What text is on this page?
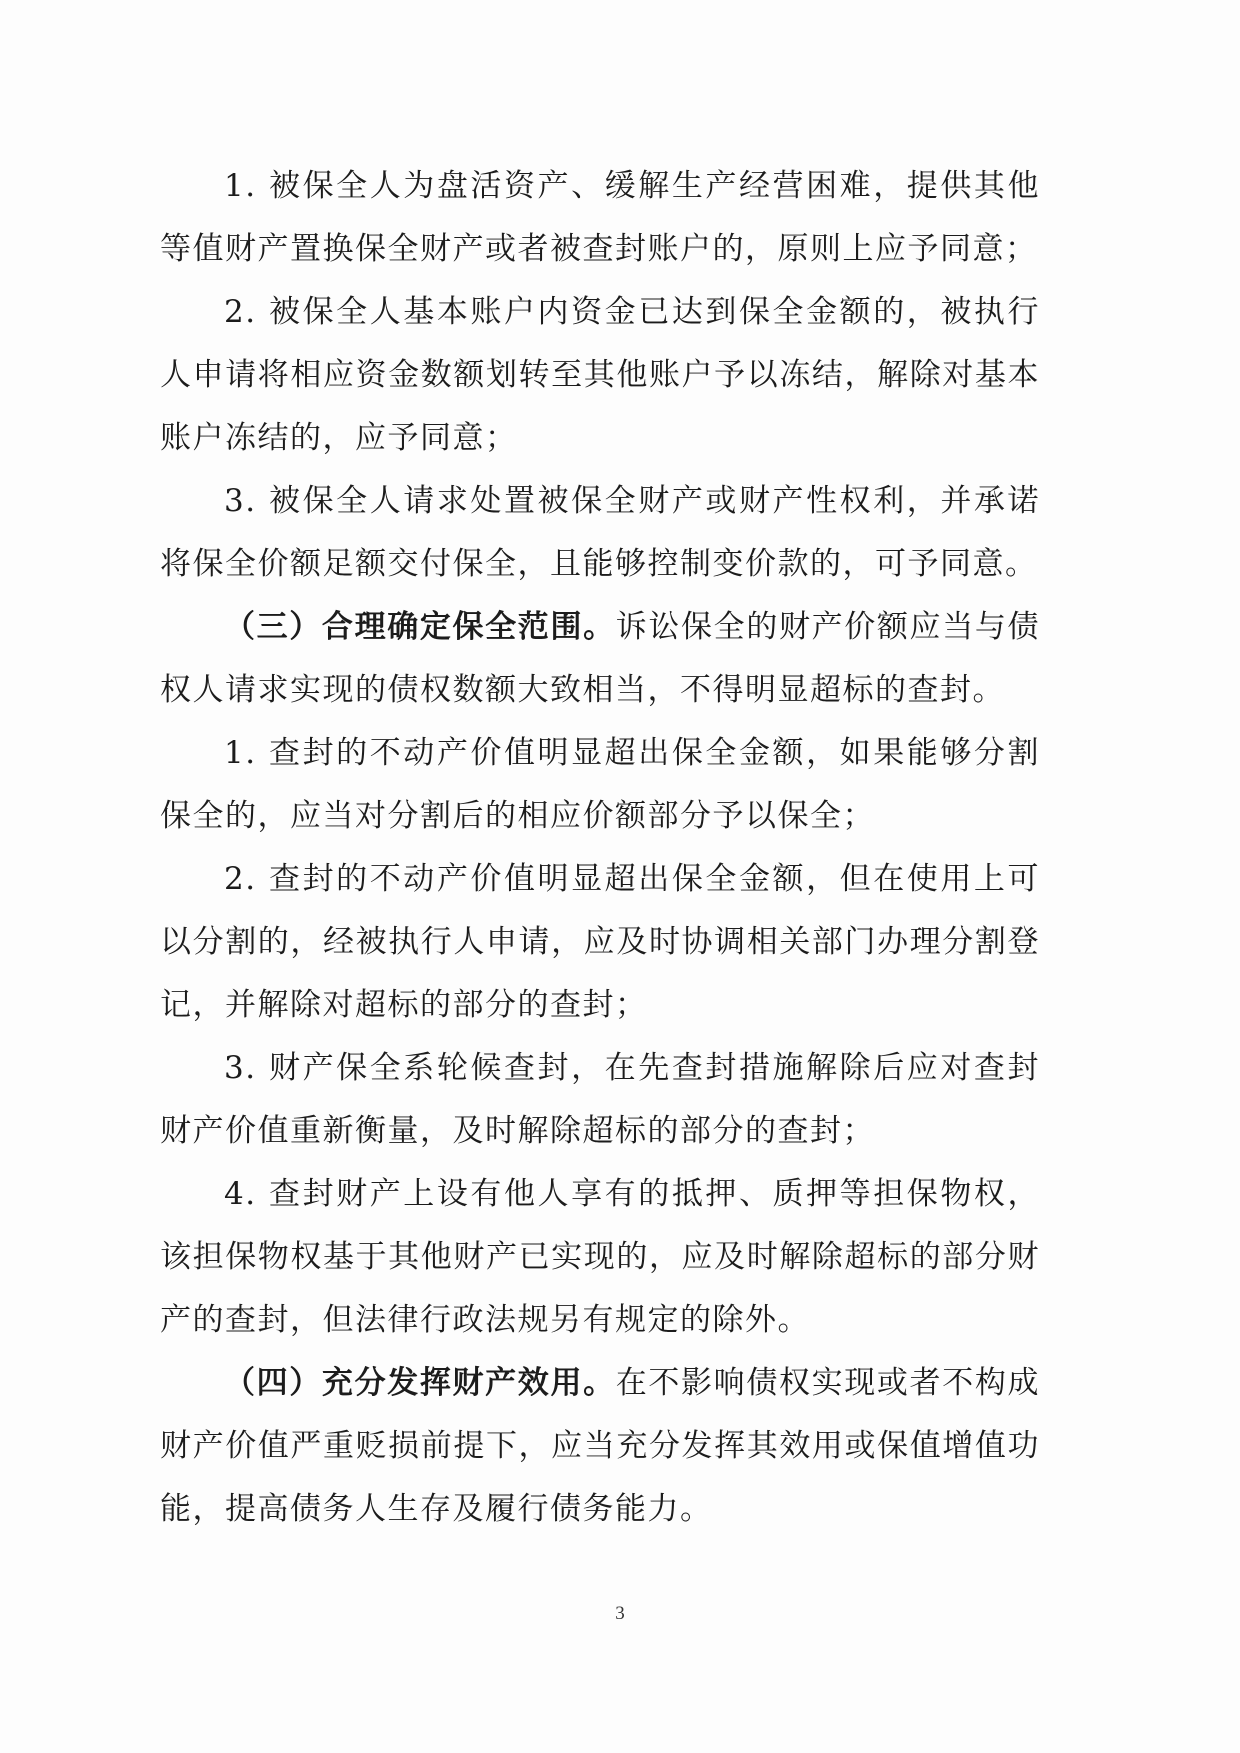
1. 被保全人为盘活资产、缓解生产经营困难，提供其他等值财产置换保全财产或者被查封账户的，原则上应予同意；

2. 被保全人基本账户内资金已达到保全金额的，被执行人申请将相应资金数额划转至其他账户予以冻结，解除对基本账户冻结的，应予同意；

3. 被保全人请求处置被保全财产或财产性权利，并承诺将保全价额足额交付保全，且能够控制变价款的，可予同意。

（三）合理确定保全范围。诉讼保全的财产价额应当与债权人请求实现的债权数额大致相当，不得明显超标的查封。

1. 查封的不动产价值明显超出保全金额，如果能够分割保全的，应当对分割后的相应价额部分予以保全；

2. 查封的不动产价值明显超出保全金额，但在使用上可以分割的，经被执行人申请，应及时协调相关部门办理分割登记，并解除对超标的部分的查封；

3. 财产保全系轮候查封，在先查封措施解除后应对查封财产价值重新衡量，及时解除超标的部分的查封；

4. 查封财产上设有他人享有的抵押、质押等担保物权，该担保物权基于其他财产已实现的，应及时解除超标的部分财产的查封，但法律行政法规另有规定的除外。

（四）充分发挥财产效用。在不影响债权实现或者不构成财产价值严重贬损前提下，应当充分发挥其效用或保值增值功能，提高债务人生存及履行债务能力。

3
